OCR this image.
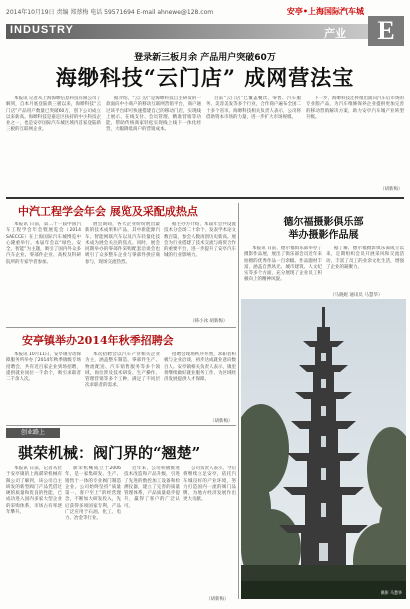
2014年10月19日 责编 郑蔡梅 电话 59571694 E-mail ahnewe@128.com	安亭•上海国际汽车城
INDUSTRY	产业	E
登录新三板月余 产品用户突破60万
海缈科技“云门店” 成网营法宝

本报讯 记者从上海海缈信息科技有限公司了解到，自本月底登陆新三板以来，海缈科技“云门店”产品用户数量已突破60万，创下公司成立以来新高。海缈科技是嘉定区扶持的中小科技企业之一，也是安亭国际汽车城区域内首家登陆新三板的互联网企业。

据介绍，“云门店”是海缈科技自主研发的一款面向中小商户的移动互联网营销平台，商户通过该平台即可快速搭建自己的移动门店，实现线上展示、在线支付、会员管理、精准营销等功能，帮助传统商家轻松实现线上线下一体化经营，大幅降低商户的营销成本。

目前“云门店”已覆盖餐饮、零售、汽车服务、美容美发等多个行业，合作商户遍布全国二十多个省市。海缈科技相关负责人表示，公司将借助资本市场的力量，进一步扩大市场规模。

下一步，海缈科技还将推出面向汽车后市场的专业版产品，为汽车维修保养企业提供更加完善的移动营销解决方案，助力安亭汽车城产业转型升级。

（胡新梅）
中汽工程学会年会 展览及采配成热点

本报讯 日前，第二十一届中国汽车工程学会年会暨展览会（2014 SAECCE）在上海国际汽车城博览中心隆重举行。本届年会以“绿色、安全、智能”为主题，吸引了国内外众多汽车企业、零部件企业、高校及科研院所的专家学者参加。

展会期间，各大企业纷纷展出最新的技术成果和产品，其中新能源汽车、智能网联汽车以及汽车轻量化技术成为展会关注的焦点。同时，展会同期举办的零部件采购配套洽谈会也吸引了众多整车企业与零部件供应商参与，现场交流热烈。

据主办方介绍，本届年会共设置技术分会场二十余个，发表学术论文数百篇，参会人数再创历史新高。展会为行业搭建了技术交流与商贸合作的重要平台，进一步提升了安亭汽车城的行业影响力。

（韩小冰 胡新梅）
德尔福摄影俱乐部
举办摄影作品展

本报讯 日前，德尔福俱乐部举办了摄影作品展，展出了俱乐部会员近年来拍摄的优秀作品一百余幅。作品题材丰富，涵盖自然风光、城市建筑、人文纪实等多个方面，充分展现了企业员工积极向上的精神风貌。

据了解，德尔福摄影俱乐部成立以来，定期组织会员开展采风和交流活动，丰富了员工的业余文化生活，增强了企业的凝聚力。

（马晓妮 通讯员 马慧华）
摄影 马慧华
安亭镇举办2014年秋季招聘会

本报讯 10月11日，安亭镇劳动保障服务所举办了2014年秋季镇级专场招聘会，共有近百家企业到场招聘，提供就业岗位一千余个，吸引求职者二千余人次。

本次招聘会以汽车产业相关企业为主，涵盖整车制造、零部件生产、物流配送、汽车销售服务等多个领域，岗位涉及技术研发、生产操作、管理营销等多个工种，满足了不同层次求职者的需求。

招聘会现场秩序井然，求职者积极与企业洽谈，初步达成就业意向数百人。安亭镇相关负责人表示，镇里将继续做好就业服务工作，为区域经济发展提供人才保障。

（胡新梅）
创业路上
骐荣机械：阀门界的“翘楚”

本报讯 日前，记者从位于安亭镇的上海骐荣机械有限公司了解到，该公司自主研发的新型阀门产品凭借过硬的质量和优良的性能，已成功进入国内多家大型企业的采购体系，市场占有率逐年攀升。

骐荣机械成立于2006年，是一家集研发、生产、销售于一体的专业阀门制造企业。公司始终坚持“质量第一、客户至上”的经营理念，不断加大研发投入，先后获得多项国家专利，产品广泛应用于石油、化工、电力、冶金等行业。

近年来，公司积极推进技术改造和产品升级，引进了先进的数控加工设备和检测仪器，建立了完善的质量管理体系，产品质量稳步提升，赢得了客户的广泛认可。

公司负责人表示，今后将继续立足安亭，依托汽车城良好的产业环境，努力打造国内一流的阀门品牌，为地方经济发展作出更大贡献。

（胡新梅）
